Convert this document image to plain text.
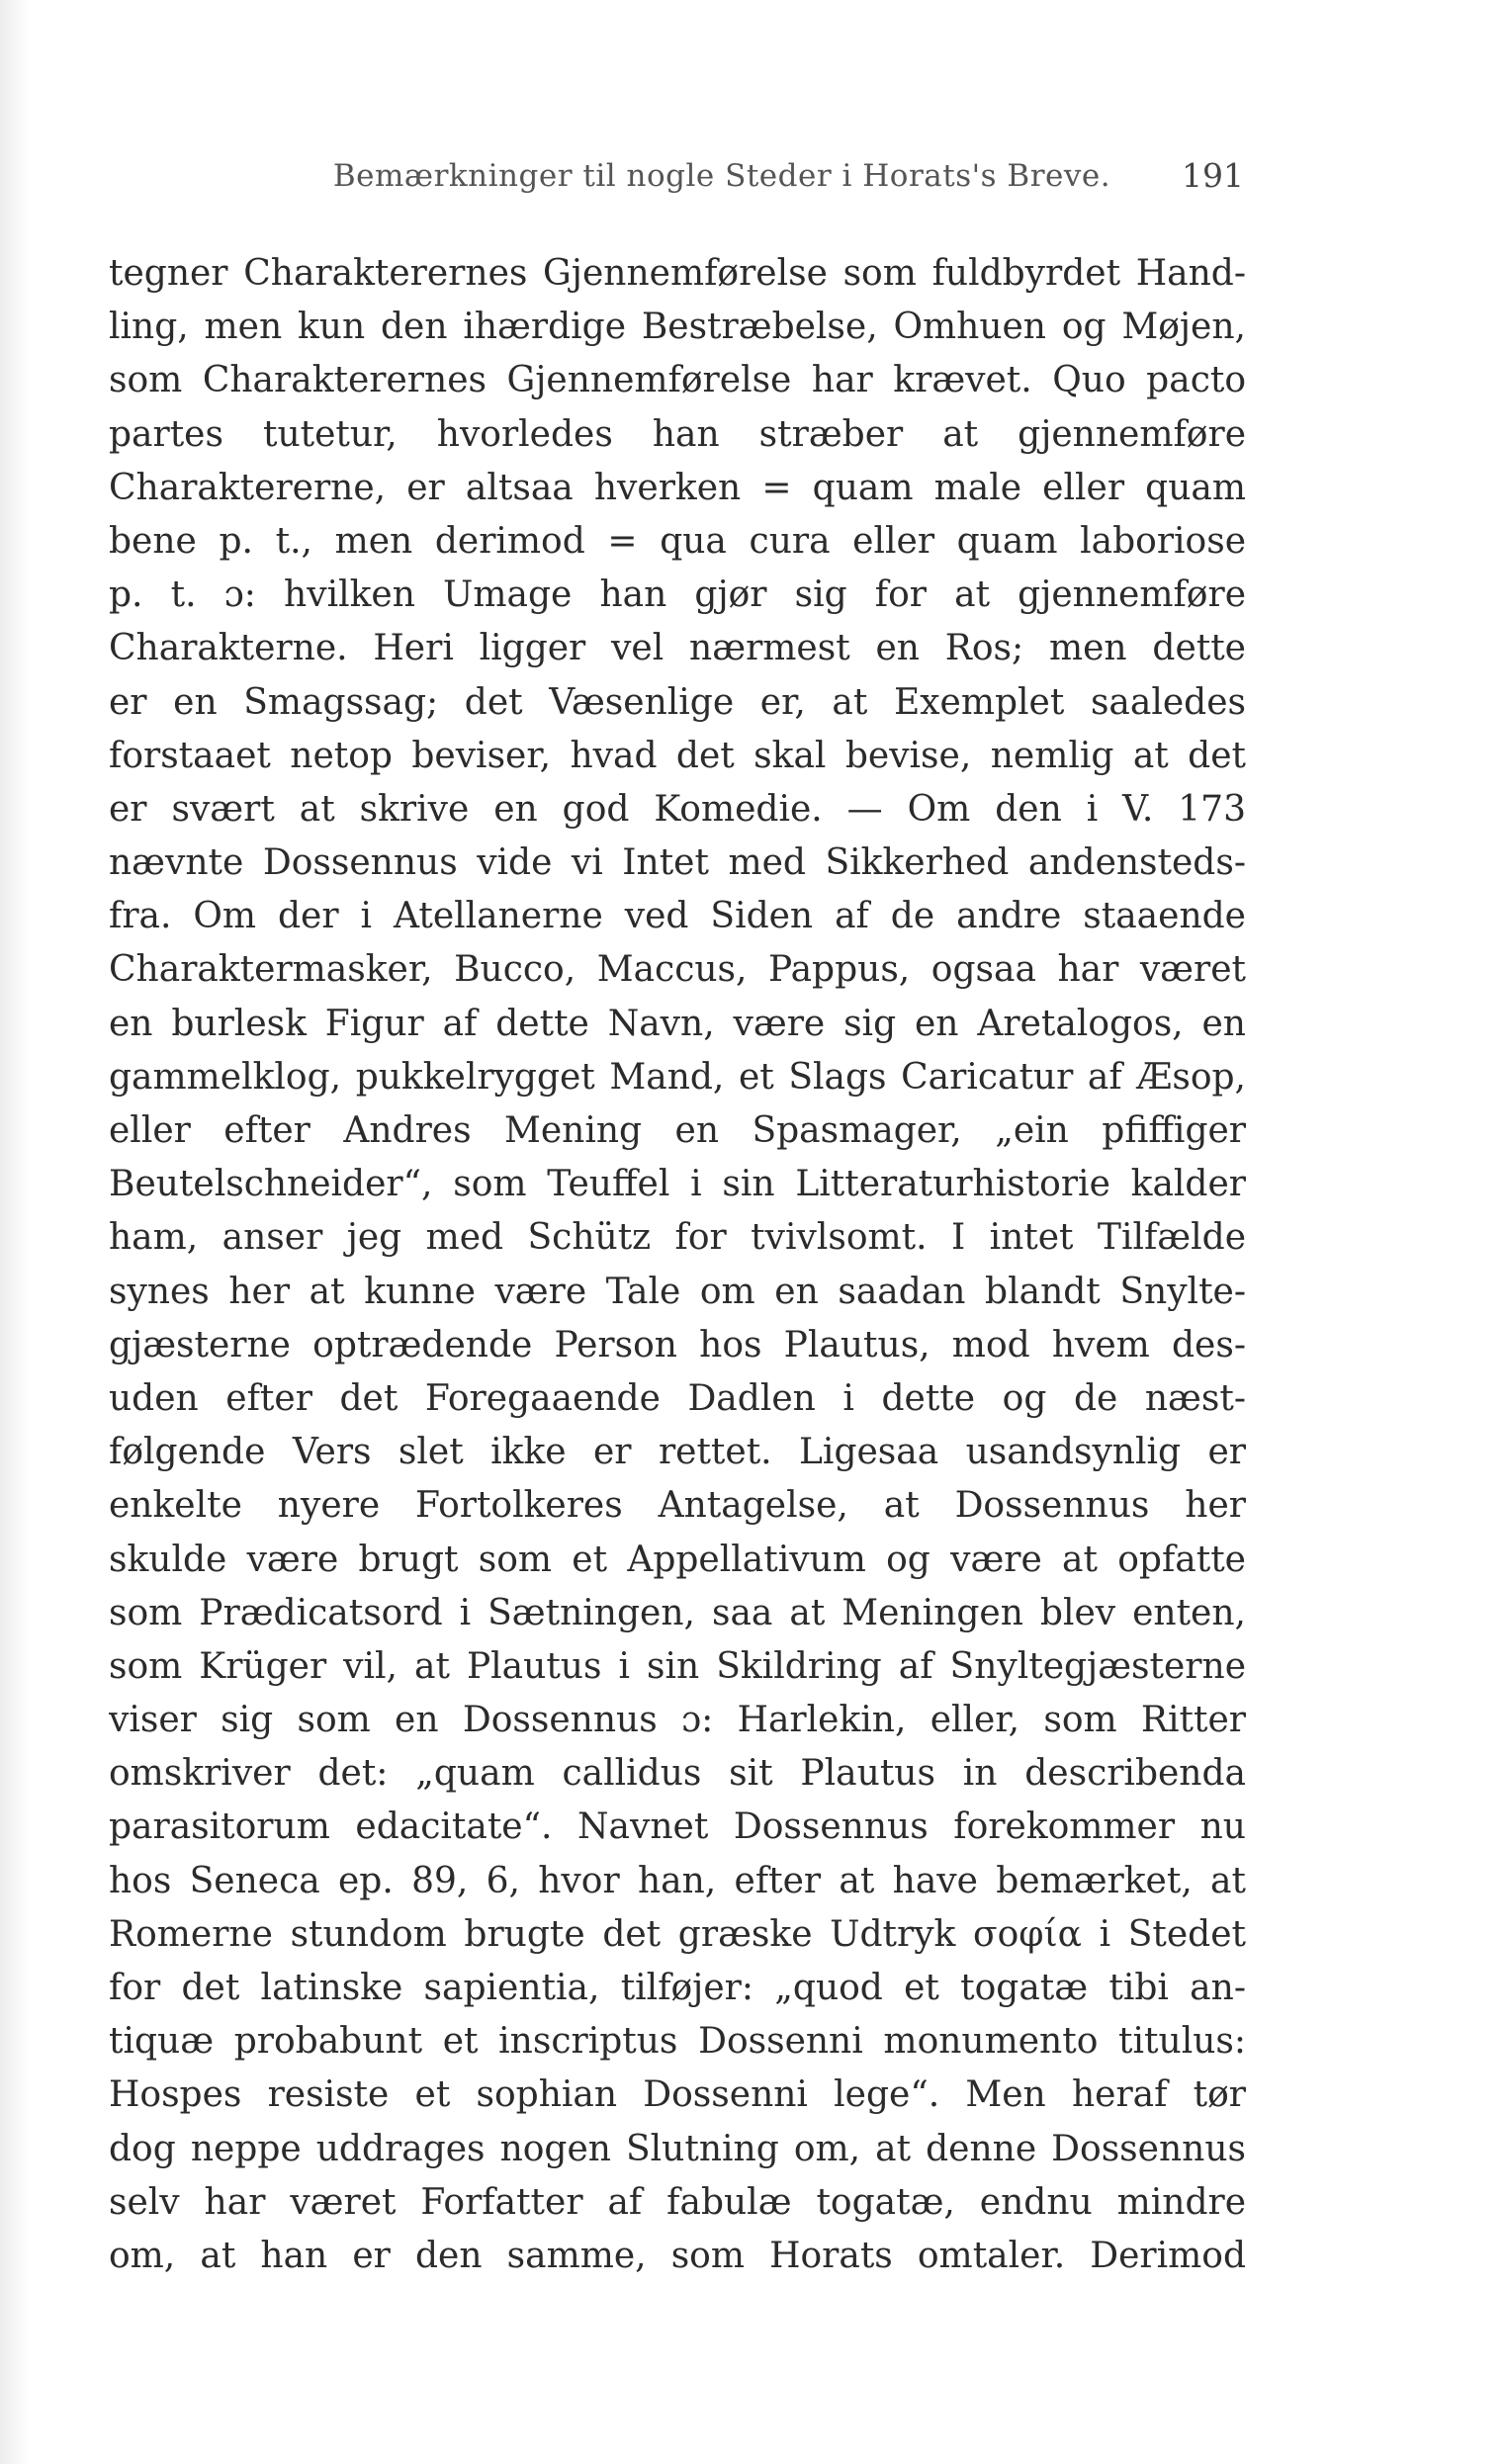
Bemærkninger til nogle Steder i Horats's Breve.	191
tegner Charakterernes Gjennemførelse som fuldbyrdet Hand-
ling, men kun den ihærdige Bestræbelse, Omhuen og Møjen,
som Charakterernes Gjennemførelse har krævet. Quo pacto
partes tutetur, hvorledes han stræber at gjennemføre
Charaktererne, er altsaa hverken = quam male eller quam
bene p. t., men derimod = qua cura eller quam laboriose
p. t. ɔ: hvilken Umage han gjør sig for at gjennemføre
Charakterne. Heri ligger vel nærmest en Ros; men dette
er en Smagssag; det Væsenlige er, at Exemplet saaledes
forstaaet netop beviser, hvad det skal bevise, nemlig at det
er svært at skrive en god Komedie. — Om den i V. 173
nævnte Dossennus vide vi Intet med Sikkerhed andensteds-
fra. Om der i Atellanerne ved Siden af de andre staaende
Charaktermasker, Bucco, Maccus, Pappus, ogsaa har været
en burlesk Figur af dette Navn, være sig en Aretalogos, en
gammelklog, pukkelrygget Mand, et Slags Caricatur af Æsop,
eller efter Andres Mening en Spasmager, „ein pfiffiger
Beutelschneider“, som Teuffel i sin Litteraturhistorie kalder
ham, anser jeg med Schütz for tvivlsomt. I intet Tilfælde
synes her at kunne være Tale om en saadan blandt Snylte-
gjæsterne optrædende Person hos Plautus, mod hvem des-
uden efter det Foregaaende Dadlen i dette og de næst-
følgende Vers slet ikke er rettet. Ligesaa usandsynlig er
enkelte nyere Fortolkeres Antagelse, at Dossennus her
skulde være brugt som et Appellativum og være at opfatte
som Prædicatsord i Sætningen, saa at Meningen blev enten,
som Krüger vil, at Plautus i sin Skildring af Snyltegjæsterne
viser sig som en Dossennus ɔ: Harlekin, eller, som Ritter
omskriver det: „quam callidus sit Plautus in describenda
parasitorum edacitate“. Navnet Dossennus forekommer nu
hos Seneca ep. 89, 6, hvor han, efter at have bemærket, at
Romerne stundom brugte det græske Udtryk σοφία i Stedet
for det latinske sapientia, tilføjer: „quod et togatæ tibi an-
tiquæ probabunt et inscriptus Dossenni monumento titulus:
Hospes resiste et sophian Dossenni lege“. Men heraf tør
dog neppe uddrages nogen Slutning om, at denne Dossennus
selv har været Forfatter af fabulæ togatæ, endnu mindre
om, at han er den samme, som Horats omtaler. Derimod
